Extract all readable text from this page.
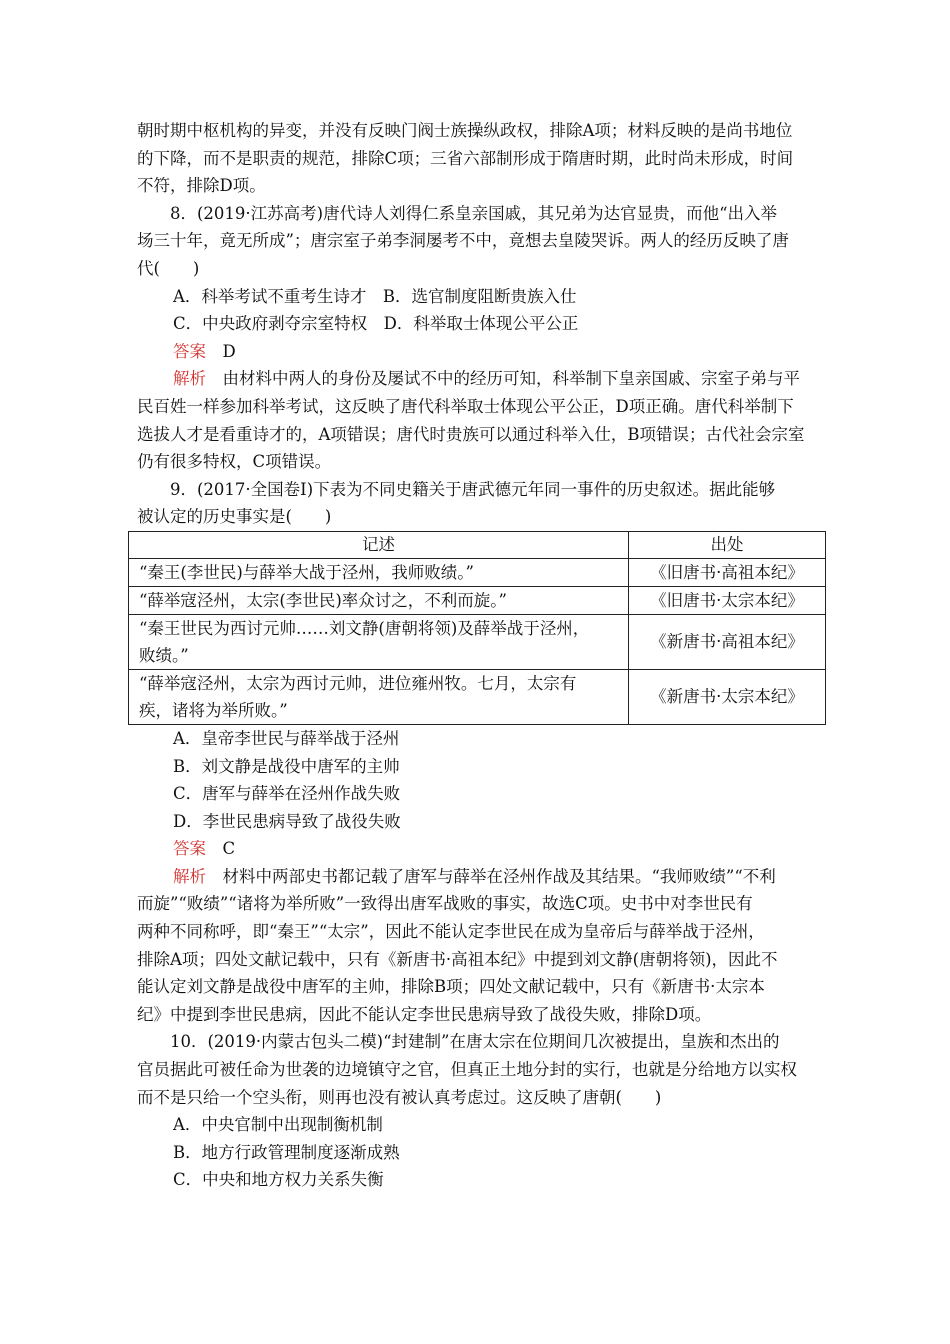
朝时期中枢机构的异变，并没有反映门阀士族操纵政权，排除A项；材料反映的是尚书地位
的下降，而不是职责的规范，排除C项；三省六部制形成于隋唐时期，此时尚未形成，时间
不符，排除D项。
8．(2019·江苏高考)唐代诗人刘得仁系皇亲国戚，其兄弟为达官显贵，而他“出入举
场三十年，竟无所成”；唐宗室子弟李洞屡考不中，竟想去皇陵哭诉。两人的经历反映了唐
代(　　)
A．科举考试不重考生诗才　B．选官制度阻断贵族入仕
C．中央政府剥夺宗室特权　D．科举取士体现公平公正
答案　 D
解析　 由材料中两人的身份及屡试不中的经历可知，科举制下皇亲国戚、宗室子弟与平
民百姓一样参加科举考试，这反映了唐代科举取士体现公平公正，D项正确。唐代科举制下
选拔人才是看重诗才的，A项错误；唐代时贵族可以通过科举入仕，B项错误；古代社会宗室
仍有很多特权，C项错误。
9．(2017·全国卷Ⅰ)下表为不同史籍关于唐武德元年同一事件的历史叙述。据此能够
被认定的历史事实是(　　)
记述	出处
“秦王(李世民)与薛举大战于泾州，我师败绩。”	《旧唐书·高祖本纪》
“薛举寇泾州，太宗(李世民)率众讨之，不利而旋。”	《旧唐书·太宗本纪》
“秦王世民为西讨元帅……刘文静(唐朝将领)及薛举战于泾州，
败绩。”	《新唐书·高祖本纪》
“薛举寇泾州，太宗为西讨元帅，进位雍州牧。七月，太宗有
疾，诸将为举所败。”	《新唐书·太宗本纪》
A．皇帝李世民与薛举战于泾州
B．刘文静是战役中唐军的主帅
C．唐军与薛举在泾州作战失败
D．李世民患病导致了战役失败
答案　 C
解析　 材料中两部史书都记载了唐军与薛举在泾州作战及其结果。“我师败绩”“不利
而旋”“败绩”“诸将为举所败”一致得出唐军战败的事实，故选C项。史书中对李世民有
两种不同称呼，即“秦王”“太宗”，因此不能认定李世民在成为皇帝后与薛举战于泾州，
排除A项；四处文献记载中，只有《新唐书·高祖本纪》中提到刘文静(唐朝将领)，因此不
能认定刘文静是战役中唐军的主帅，排除B项；四处文献记载中，只有《新唐书·太宗本
纪》中提到李世民患病，因此不能认定李世民患病导致了战役失败，排除D项。
10．(2019·内蒙古包头二模)“封建制”在唐太宗在位期间几次被提出，皇族和杰出的
官员据此可被任命为世袭的边境镇守之官，但真正土地分封的实行，也就是分给地方以实权
而不是只给一个空头衔，则再也没有被认真考虑过。这反映了唐朝(　　)
A．中央官制中出现制衡机制
B．地方行政管理制度逐渐成熟
C．中央和地方权力关系失衡
